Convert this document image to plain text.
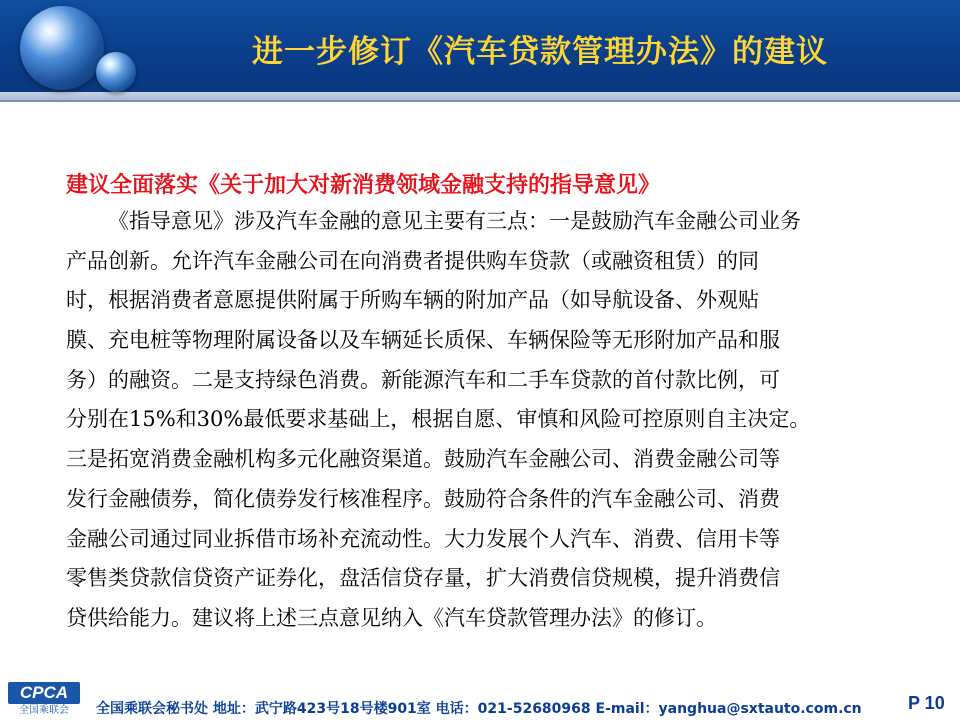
进一步修订《汽车贷款管理办法》的建议
建议全面落实《关于加大对新消费领域金融支持的指导意见》
《指导意见》涉及汽车金融的意见主要有三点：一是鼓励汽车金融公司业务
产品创新。允许汽车金融公司在向消费者提供购车贷款（或融资租赁）的同
时，根据消费者意愿提供附属于所购车辆的附加产品（如导航设备、外观贴
膜、充电桩等物理附属设备以及车辆延长质保、车辆保险等无形附加产品和服
务）的融资。二是支持绿色消费。新能源汽车和二手车贷款的首付款比例，可
分别在15%和30%最低要求基础上，根据自愿、审慎和风险可控原则自主决定。
三是拓宽消费金融机构多元化融资渠道。鼓励汽车金融公司、消费金融公司等
发行金融债券，简化债券发行核准程序。鼓励符合条件的汽车金融公司、消费
金融公司通过同业拆借市场补充流动性。大力发展个人汽车、消费、信用卡等
零售类贷款信贷资产证券化，盘活信贷存量，扩大消费信贷规模，提升消费信
贷供给能力。建议将上述三点意见纳入《汽车贷款管理办法》的修订。
CPCA
全国乘联会	全国乘联会秘书处 地址：武宁路423号18号楼901室 电话：021-52680968 E-mail：yanghua@sxtauto.com.cn	P 10
